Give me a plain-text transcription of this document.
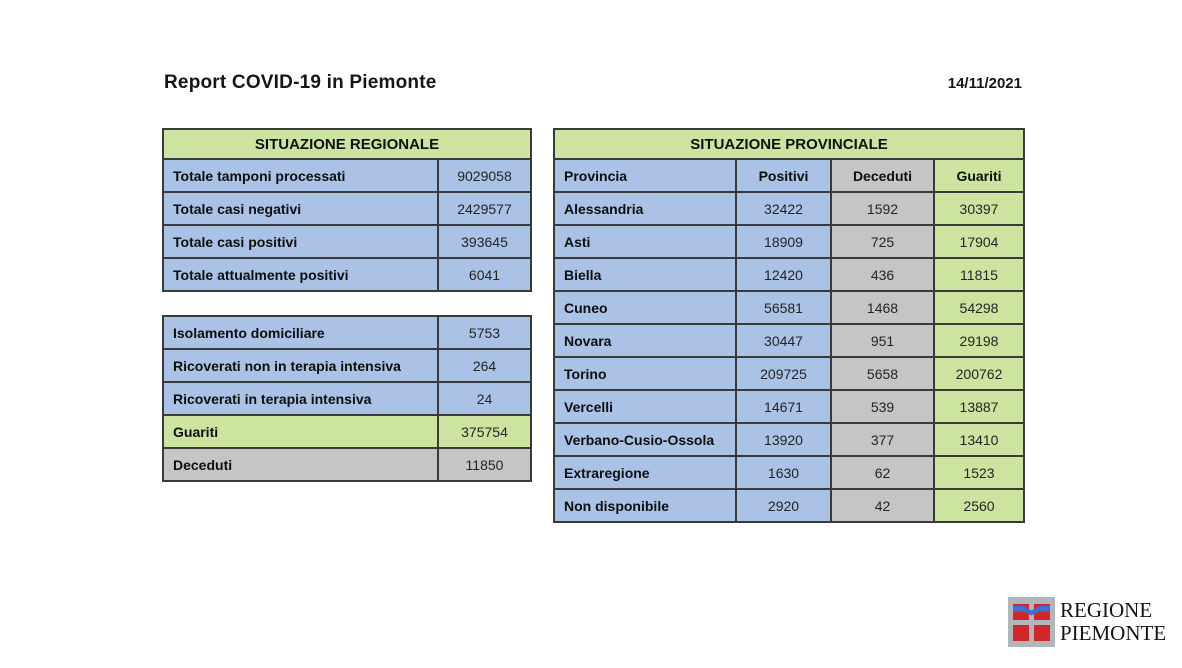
Report COVID-19 in Piemonte	14/11/2021
SITUAZIONE REGIONALE	
Totale tamponi processati	9029058
Totale casi negativi	2429577
Totale casi positivi	393645
Totale attualmente positivi	6041
Isolamento domiciliare	5753
Ricoverati non in terapia intensiva	264
Ricoverati in terapia intensiva	24
Guariti	375754
Deceduti	11850
SITUAZIONE PROVINCIALE			
Provincia	Positivi	Deceduti	Guariti
Alessandria	32422	1592	30397
Asti	18909	725	17904
Biella	12420	436	11815
Cuneo	56581	1468	54298
Novara	30447	951	29198
Torino	209725	5658	200762
Vercelli	14671	539	13887
Verbano-Cusio-Ossola	13920	377	13410
Extraregione	1630	62	1523
Non disponibile	2920	42	2560
REGIONE
PIEMONTE
